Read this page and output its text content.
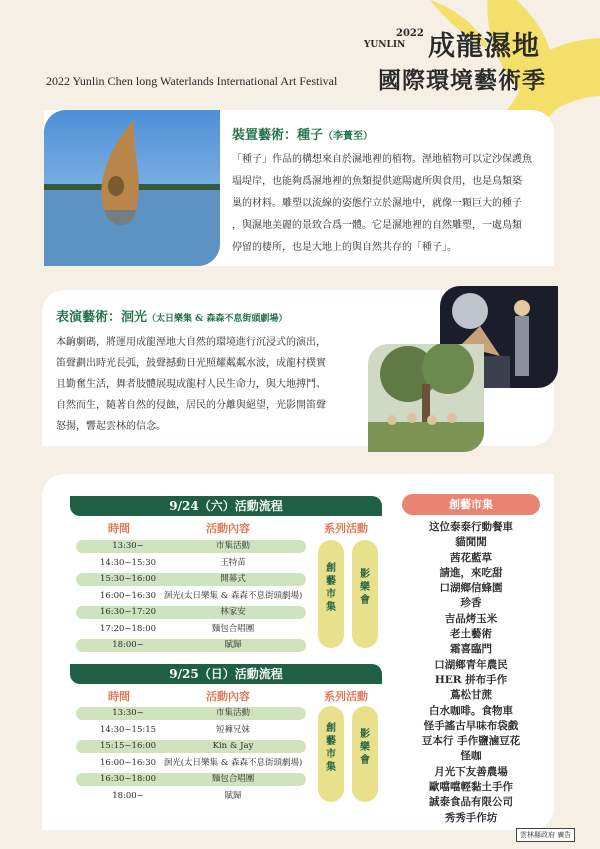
2022
YUNLIN 成龍濕地
國際環境藝術季
2022 Yunlin Chen long Waterlands International Art Festival
裝置藝術：種子（李蕢至）
「種子」作品的構想來自於濕地裡的植物。溼地植物可以定沙保護魚
塭堤岸，也能夠爲濕地裡的魚類提供遮陽處所與食用，也是鳥類築
巢的材料。雕塑以流線的姿態佇立於濕地中，就像一顆巨大的種子
，與濕地美麗的景致合爲一體。它是濕地裡的自然雕塑，一處鳥類
停留的棲所，也是大地上的與自然共存的「種子」。
表演藝術：洄光（太日樂集 & 森森不息街頭劇場）
本齣劇碼，將運用成龍溼地大自然的環境進行沉浸式的演出，
笛聲劃出時光長弧，鼓聲撼動日光照耀粼粼水波，成龍村樸實
且勤奮生活，舞者肢體展現成龍村人民生命力，與大地搏鬥、
自然而生，隨著自然的侵蝕，居民的分離與絕望，光影開笛聲
怒揚，響起雲林的信念。
9/24（六）活動流程
時間	活動內容	系列活動
13:30~	市集活動
14:30~15:30	王特苗
15:30~16:00	開幕式
16:00~16:30 洄光(太日樂集 & 森森不息街頭劇場)
16:30~17:20	林家安
17:20~18:00	麵包合唱團
18:00~	賦歸
創
藝
市
集
影
樂
會
9/25（日）活動流程
時間	活動內容	系列活動
13:30~	市集活動
14:30~15:15	短褲兄妹
15:15~16:00	Kin & Jay
16:00~16:30 洄光(太日樂集 & 森森不息街頭劇場)
16:30~18:00	麵包合唱團
18:00~	賦歸
創
藝
市
集
影
樂
會
創藝市集
这位泰泰行動餐車
貓閒閒
茜花藍草
請進，來吃甜
口湖鄉信蜂園
珍香
吉品烤玉米
老土藝術
霜喜臨門
口湖鄉青年農民
HER 拼布手作
蔦松甘蔗
白水咖啡。食物車
怪手謠古早味布袋戲
豆本行 手作鹽滷豆花
怪咖
月光下友善農場
歐噹噹輕黏土手作
誠泰食品有限公司
秀秀手作坊
雲林縣政府 廣告
